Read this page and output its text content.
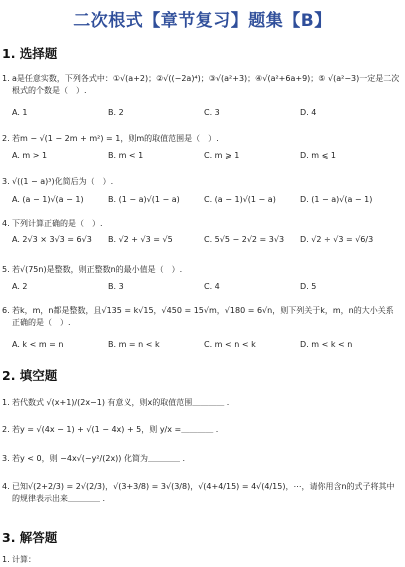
二次根式【章节复习】题集【B】
1. 选择题
1. a是任意实数，下列各式中：①√(a+2)；②√((−2a)⁴)；③√(a²+3)；④√(a²+6a+9)；⑤ √(a²−3)一定是二次根式的个数是（　）.
A. 1	B. 2	C. 3	D. 4
2. 若m − √(1 − 2m + m²) = 1，则m的取值范围是（　）.
A. m > 1	B. m < 1	C. m ⩾ 1	D. m ⩽ 1
3. √((1 − a)³)化简后为（　）.
A. (a − 1)√(a − 1)	B. (1 − a)√(1 − a)	C. (a − 1)√(1 − a)	D. (1 − a)√(a − 1)
4. 下列计算正确的是（　）.
A. 2√3 × 3√3 = 6√3 B. √2 + √3 = √5	C. 5√5 − 2√2 = 3√3 D. √2 ÷ √3 = √6/3
5. 若√(75n)是整数，则正整数n的最小值是（　）.
A. 2	B. 3	C. 4	D. 5
6. 若k，m，n都是整数，且√135 = k√15，√450 = 15√m，√180 = 6√n，则下列关于k，m，n的大小关系正确的是（　）.
A. k < m = n	B. m = n < k	C. m < n < k	D. m < k < n
2. 填空题
1. 若代数式 √(x+1)/(2x−1) 有意义，则x的取值范围＿＿＿＿ .
2. 若y = √(4x − 1) + √(1 − 4x) + 5，则 y/x =＿＿＿＿ .
3. 若y < 0，则 −4x√(−y²/(2x)) 化简为＿＿＿＿ .
4. 已知√(2+2/3) = 2√(2/3)，√(3+3/8) = 3√(3/8)，√(4+4/15) = 4√(4/15)，⋯，请你用含n的式子将其中的规律表示出来＿＿＿＿ .
3. 解答题
1. 计算：
